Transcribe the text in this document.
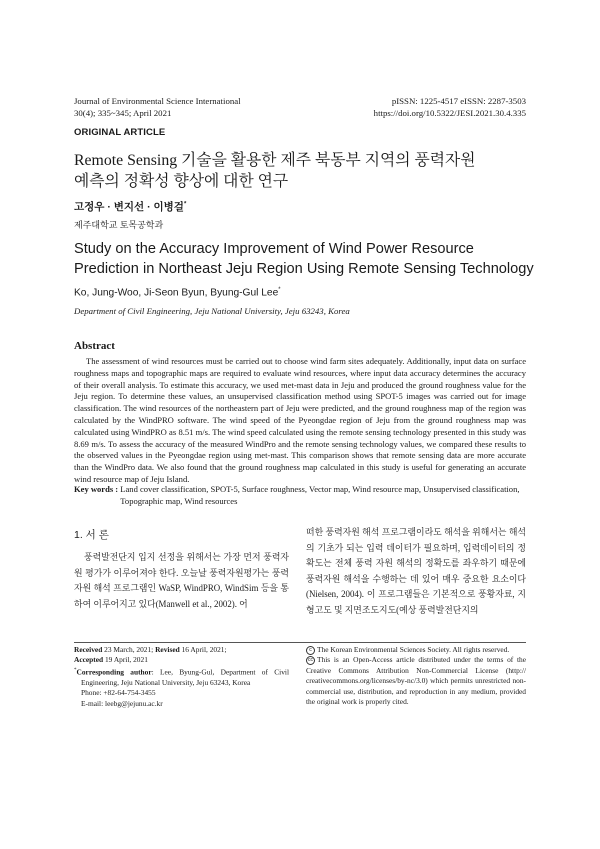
Journal of Environmental Science International
30(4); 335~345; April 2021
pISSN: 1225-4517 eISSN: 2287-3503
https://doi.org/10.5322/JESI.2021.30.4.335
ORIGINAL ARTICLE
Remote Sensing 기술을 활용한 제주 북동부 지역의 풍력자원
예측의 정확성 향상에 대한 연구
고정우 · 변지선 · 이병걸*
제주대학교 토목공학과
Study on the Accuracy Improvement of Wind Power Resource
Prediction in Northeast Jeju Region Using Remote Sensing Technology
Ko, Jung-Woo, Ji-Seon Byun, Byung-Gul Lee*
Department of Civil Engineering, Jeju National University, Jeju 63243, Korea
Abstract
The assessment of wind resources must be carried out to choose wind farm sites adequately. Additionally, input data on surface roughness maps and topographic maps are required to evaluate wind resources, where input data accuracy determines the accuracy of their overall analysis. To estimate this accuracy, we used met-mast data in Jeju and produced the ground roughness value for the Jeju region. To determine these values, an unsupervised classification method using SPOT-5 images was carried out for image classification. The wind resources of the northeastern part of Jeju were predicted, and the ground roughness map of the region was calculated by the WindPRO software. The wind speed of the Pyeongdae region of Jeju from the ground roughness map was calculated using WindPRO as 8.51 m/s. The wind speed calculated using the remote sensing technology presented in this study was 8.69 m/s. To assess the accuracy of the measured WindPro and the remote sensing technology values, we compared these results to the observed values in the Pyeongdae region using met-mast. This comparison shows that remote sensing data are more accurate than the WindPro data. We also found that the ground roughness map calculated in this study is useful for generating an accurate wind resource map of Jeju Island.
Key words : Land cover classification, SPOT-5, Surface roughness, Vector map, Wind resource map, Unsupervised classification, Topographic map, Wind resources
1. 서 론
풍력발전단지 입지 선정을 위해서는 가장 먼저 풍력자원 평가가 이루어져야 한다. 오늘날 풍력자원평가는 풍력자원 해석 프로그램인 WaSP, WindPRO, WindSim 등을 통하여 이루어지고 있다(Manwell et al., 2002). 어
떠한 풍력자원 해석 프로그램이라도 해석을 위해서는 해석의 기초가 되는 입력 데이터가 필요하며, 입력데이터의 정확도는 전체 풍력 자원 해석의 정확도를 좌우하기 때문에 풍력자원 해석을 수행하는 데 있어 매우 중요한 요소이다(Nielsen, 2004). 이 프로그램들은 기본적으로 풍황자료, 지형고도 및 지면조도지도(예상 풍력발전단지의
Received 23 March, 2021; Revised 16 April, 2021;
Accepted 19 April, 2021
*Corresponding author: Lee, Byung-Gul, Department of Civil Engineering, Jeju National University, Jeju 63243, Korea
Phone: +82-64-754-3455
E-mail: leebg@jejunu.ac.kr
c The Korean Environmental Sciences Society. All rights reserved.
cc This is an Open-Access article distributed under the terms of the Creative Commons Attribution Non-Commercial License (http:// creativecommons.org/licenses/by-nc/3.0) which permits unrestricted non-commercial use, distribution, and reproduction in any medium, provided the original work is properly cited.
